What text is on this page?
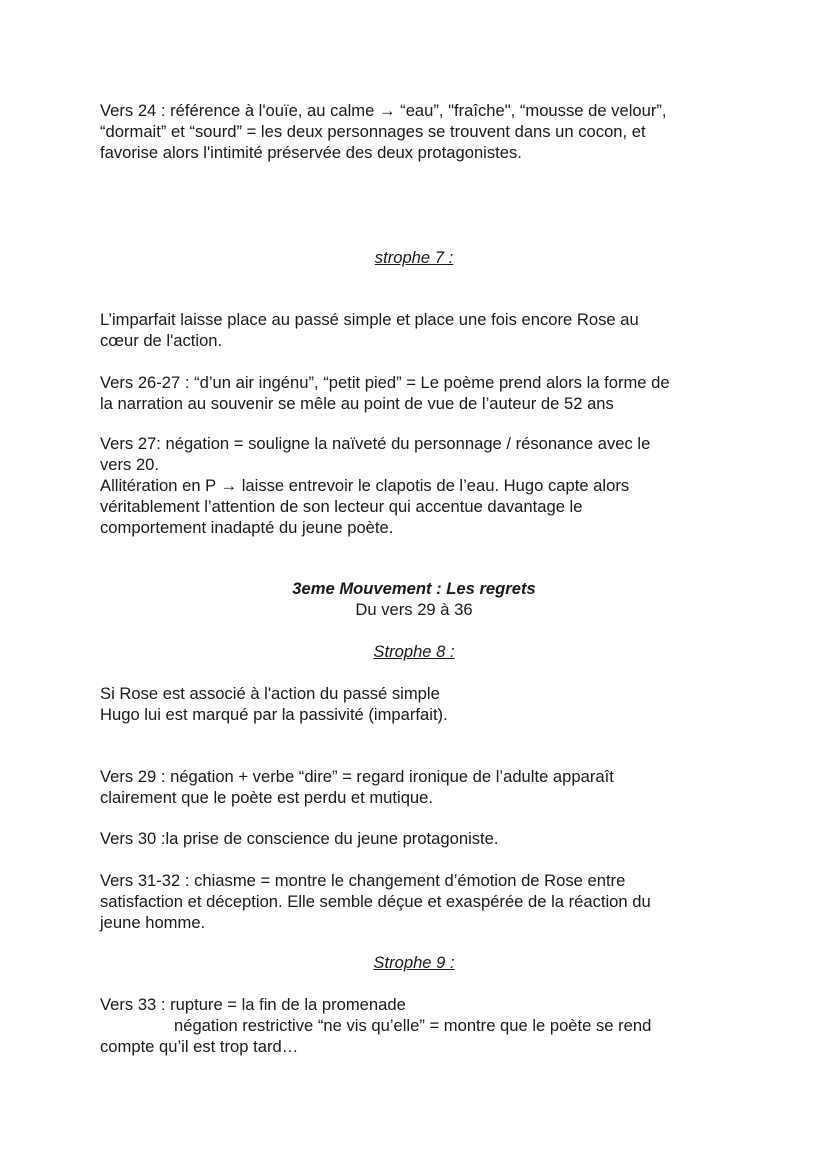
Vers 24 : référence à l'ouïe, au calme → “eau”, "fraîche", “mousse de velour”,
“dormait” et “sourd” = les deux personnages se trouvent dans un cocon, et
favorise alors l'intimité préservée des deux protagonistes.

strophe 7 :

L’imparfait laisse place au passé simple et place une fois encore Rose au
cœur de l'action.

Vers 26-27 : “d’un air ingénu”, “petit pied” = Le poème prend alors la forme de
la narration au souvenir se mêle au point de vue de l’auteur de 52 ans

Vers 27: négation = souligne la naïveté du personnage / résonance avec le
vers 20.
Allitération en P → laisse entrevoir le clapotis de l’eau. Hugo capte alors
véritablement l’attention de son lecteur qui accentue davantage le
comportement inadapté du jeune poète.

3eme Mouvement : Les regrets

Du vers 29 à 36

Strophe 8 :

Si Rose est associé à l'action du passé simple
Hugo lui est marqué par la passivité (imparfait).

Vers 29 : négation + verbe “dire” = regard ironique de l’adulte apparaît
clairement que le poète est perdu et mutique.

Vers 30 :la prise de conscience du jeune protagoniste.

Vers 31-32 : chiasme = montre le changement d’émotion de Rose entre
satisfaction et déception. Elle semble déçue et exaspérée de la réaction du
jeune homme.

Strophe 9 :

Vers 33 : rupture = la fin de la promenade
négation restrictive “ne vis qu’elle” = montre que le poète se rend
compte qu’il est trop tard…
